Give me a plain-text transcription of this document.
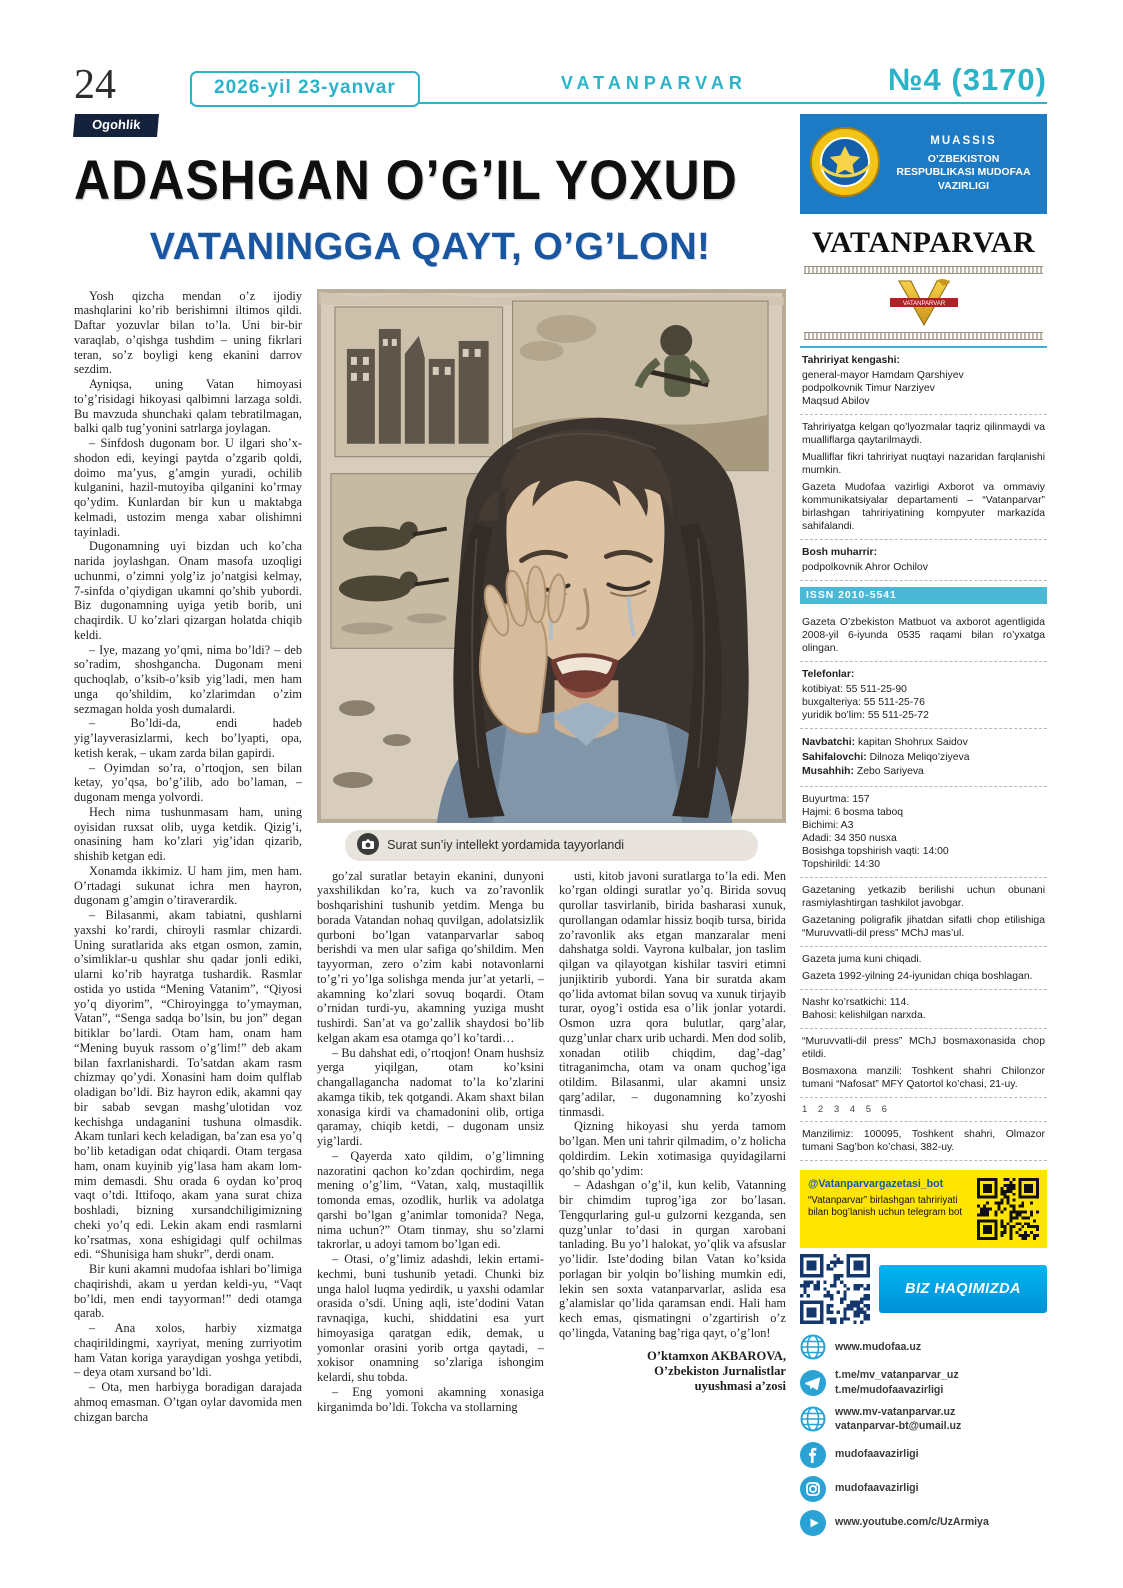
24	2026-yil 23-yanvar	VATANPARVAR	№4 (3170)
Ogohlik
ADASHGAN O’G’IL YOXUD
VATANINGGA QAYT, O’G’LON!

Yosh qizcha mendan o’z ijodiy mashqlarini ko’rib berishimni iltimos qildi. Daftar yozuvlar bilan to’la. Uni bir-bir varaqlab, o’qishga tushdim – uning fikrlari teran, so’z boyligi keng ekanini darrov sezdim.

Ayniqsa, uning Vatan himoyasi to’g’risidagi hikoyasi qalbimni larzaga soldi. Bu mavzuda shunchaki qalam tebratilmagan, balki qalb tug’yonini satrlarga joylagan.

– Sinfdosh dugonam bor. U ilgari sho’x-shodon edi, keyingi paytda o’zgarib qoldi, doimo ma’yus, g’amgin yuradi, ochilib kulganini, hazil-mutoyiba qilganini ko’rmay qo’ydim. Kunlardan bir kun u maktabga kelmadi, ustozim menga xabar olishimni tayinladi.

Dugonamning uyi bizdan uch ko’cha narida joylashgan. Onam masofa uzoqligi uchunmi, o’zimni yolg’iz jo’natgisi kelmay, 7-sinfda o’qiydigan ukamni qo’shib yubordi. Biz dugonamning uyiga yetib borib, uni chaqirdik. U ko’zlari qizargan holatda chiqib keldi.

– Iye, mazang yo’qmi, nima bo’ldi? – deb so’radim, shoshgancha. Dugonam meni quchoqlab, o’ksib-o’ksib yig’ladi, men ham unga qo’shildim, ko’zlarimdan o’zim sezmagan holda yosh dumalardi.

– Bo’ldi-da, endi hadeb yig’layverasizlarmi, kech bo’lyapti, opa, ketish kerak, – ukam zarda bilan gapirdi.

– Oyimdan so’ra, o’rtoqjon, sen bilan ketay, yo’qsa, bo’g’ilib, ado bo’laman, – dugonam menga yolvordi.

Hech nima tushunmasam ham, uning oyisidan ruxsat olib, uyga ketdik. Qizig’i, onasining ham ko’zlari yig’idan qizarib, shishib ketgan edi.

Xonamda ikkimiz. U ham jim, men ham. O’rtadagi sukunat ichra men hayron, dugonam g’amgin o’tiraverardik.

– Bilasanmi, akam tabiatni, qushlarni yaxshi ko’rardi, chiroyli rasmlar chizardi. Uning suratlarida aks etgan osmon, zamin, o’simliklar-u qushlar shu qadar jonli ediki, ularni ko’rib hayratga tushardik. Rasmlar ostida yo ustida “Mening Vatanim”, “Qiyosi yo’q diyorim”, “Chiroyingga to’ymayman, Vatan”, “Senga sadqa bo’lsin, bu jon” degan bitiklar bo’lardi. Otam ham, onam ham “Mening buyuk rassom o’g’lim!” deb akam bilan faxrlanishardi. To’satdan akam rasm chizmay qo’ydi. Xonasini ham doim qulflab oladigan bo’ldi. Biz hayron edik, akamni qay bir sabab sevgan mashg’ulotidan voz kechishga undaganini tushuna olmasdik. Akam tunlari kech keladigan, ba’zan esa yo’q bo’lib ketadigan odat chiqardi. Otam tergasa ham, onam kuyinib yig’lasa ham akam lom-mim demasdi. Shu orada 6 oydan ko’proq vaqt o’tdi. Ittifoqo, akam yana surat chiza boshladi, bizning xursandchiligimizning cheki yo’q edi. Lekin akam endi rasmlarni ko’rsatmas, xona eshigidagi qulf ochilmas edi. “Shunisiga ham shukr”, derdi onam.

Bir kuni akamni mudofaa ishlari bo’limiga chaqirishdi, akam u yerdan keldi-yu, “Vaqt bo’ldi, men endi tayyorman!” dedi otamga qarab.

– Ana xolos, harbiy xizmatga chaqirildingmi, xayriyat, mening zurriyotim ham Vatan koriga yaraydigan yoshga yetibdi, – deya otam xursand bo’ldi.

– Ota, men harbiyga boradigan darajada ahmoq emasman. O’tgan oylar davomida men chizgan barcha

Surat sun’iy intellekt yordamida tayyorlandi

go’zal suratlar betayin ekanini, dunyoni yaxshilikdan ko’ra, kuch va zo’ravonlik boshqarishini tushunib yetdim. Menga bu borada Vatandan nohaq quvilgan, adolatsizlik qurboni bo’lgan vatanparvarlar saboq berishdi va men ular safiga qo’shildim. Men tayyorman, zero o’zim kabi notavonlarni to’g’ri yo’lga solishga menda jur’at yetarli, – akamning ko’zlari sovuq boqardi. Otam o’rnidan turdi-yu, akamning yuziga musht tushirdi. San’at va go’zallik shaydosi bo’lib kelgan akam esa otamga qo’l ko’tardi…

– Bu dahshat edi, o’rtoqjon! Onam hushsiz yerga yiqilgan, otam ko’ksini changallagancha nadomat to’la ko’zlarini akamga tikib, tek qotgandi. Akam shaxt bilan xonasiga kirdi va chamadonini olib, ortiga qaramay, chiqib ketdi, – dugonam unsiz yig’lardi.

– Qayerda xato qildim, o’g’limning nazoratini qachon ko’zdan qochirdim, nega mening o’g’lim, “Vatan, xalq, mustaqillik tomonda emas, ozodlik, hurlik va adolatga qarshi bo’lgan g’animlar tomonida? Nega, nima uchun?” Otam tinmay, shu so’zlarni takrorlar, u adoyi tamom bo’lgan edi.

– Otasi, o’g’limiz adashdi, lekin ertami-kechmi, buni tushunib yetadi. Chunki biz unga halol luqma yedirdik, u yaxshi odamlar orasida o’sdi. Uning aqli, iste’dodini Vatan ravnaqiga, kuchi, shiddatini esa yurt himoyasiga qaratgan edik, demak, u yomonlar orasini yorib ortga qaytadi, – xokisor onamning so’zlariga ishongim kelardi, shu tobda.

– Eng yomoni akamning xonasiga kirganimda bo’ldi. Tokcha va stollarning

usti, kitob javoni suratlarga to’la edi. Men ko’rgan oldingi suratlar yo’q. Birida sovuq qurollar tasvirlanib, birida basharasi xunuk, qurollangan odamlar hissiz boqib tursa, birida zo’ravonlik aks etgan manzaralar meni dahshatga soldi. Vayrona kulbalar, jon taslim qilgan va qilayotgan kishilar tasviri etimni junjiktirib yubordi. Yana bir suratda akam qo’lida avtomat bilan sovuq va xunuk tirjayib turar, oyog’i ostida esa o’lik jonlar yotardi. Osmon uzra qora bulutlar, qarg’alar, quzg’unlar charx urib uchardi. Men dod solib, xonadan otilib chiqdim, dag’-dag’ titraganimcha, otam va onam quchog’iga otildim. Bilasanmi, ular akamni unsiz qarg’adilar, – dugonamning ko’zyoshi tinmasdi.

Qizning hikoyasi shu yerda tamom bo’lgan. Men uni tahrir qilmadim, o’z holicha qoldirdim. Lekin xotimasiga quyidagilarni qo’shib qo’ydim:

– Adashgan o’g’il, kun kelib, Vatanning bir chimdim tuprog’iga zor bo’lasan. Tengqurlaring gul-u gulzorni kezganda, sen quzg’unlar to’dasi in qurgan xarobani tanlading. Bu yo’l halokat, yo’qlik va afsuslar yo’lidir. Iste’doding bilan Vatan ko’ksida porlagan bir yolqin bo’lishing mumkin edi, lekin sen soxta vatanparvarlar, aslida esa g’alamislar qo’lida qaramsan endi. Hali ham kech emas, qismatingni o’zgartirish o’z qo’lingda, Vataning bag’riga qayt, o’g’lon!

O’ktamxon AKBAROVA,

O’zbekiston Jurnalistlar

uyushmasi a’zosi

MUASSIS
O’ZBEKISTON RESPUBLIKASI MUDOFAA VAZIRLIGI
VATANPARVAR
VATANPARVAR
Tahririyat kengashi:

general-mayor Hamdam Qarshiyev

podpolkovnik Timur Narziyev

Maqsud Abilov

Tahririyatga kelgan qo’lyozmalar taqriz qilinmaydi va mualliflarga qaytarilmaydi.

Mualliflar fikri tahririyat nuqtayi nazaridan farqlanishi mumkin.

Gazeta Mudofaa vazirligi Axborot va ommaviy kommunikatsiyalar departamenti – “Vatanparvar” birlashgan tahririyatining kompyuter markazida sahifalandi.

Bosh muharrir:
podpolkovnik Ahror Ochilov
ISSN 2010-5541

Gazeta O’zbekiston Matbuot va axborot agentligida 2008-yil 6-iyunda 0535 raqami bilan ro’yxatga olingan.

Telefonlar:

kotibiyat: 55 511-25-90

buxgalteriya: 55 511-25-76

yuridik bo’lim: 55 511-25-72

Navbatchi: kapitan Shohrux Saidov
Sahifalovchi: Dilnoza Meliqo’ziyeva
Musahhih: Zebo Sariyeva

Buyurtma: 157

Hajmi: 6 bosma taboq

Bichimi: A3

Adadi: 34 350 nusxa

Bosishga topshirish vaqti: 14:00

Topshirildi: 14:30

Gazetaning yetkazib berilishi uchun obunani rasmiylashtirgan tashkilot javobgar.

Gazetaning poligrafik jihatdan sifatli chop etilishiga “Muruvvatli-dil press” MChJ mas’ul.

Gazeta juma kuni chiqadi.

Gazeta 1992-yilning 24-iyunidan chiqa boshlagan.

Nashr ko’rsatkichi: 114.

Bahosi: kelishilgan narxda.

“Muruvvatli-dil press” MChJ bosmaxonasida chop etildi.

Bosmaxona manzili: Toshkent shahri Chilonzor tumani “Nafosat” MFY Qatortol ko’chasi, 21-uy.

1 2 3 4 5 6

Manzilimiz: 100095, Toshkent shahri, Olmazor tumani Sag’bon ko’chasi, 382-uy.

@Vatanparvargazetasi_bot
“Vatanparvar” birlashgan tahririyati bilan bog’lanish uchun telegram bot
BIZ HAQIMIZDA
www.mudofaa.uz
t.me/mv_vatanparvar_uz
t.me/mudofaavazirligi
www.mv-vatanparvar.uz
vatanparvar-bt@umail.uz
mudofaavazirligi
mudofaavazirligi
www.youtube.com/c/UzArmiya
